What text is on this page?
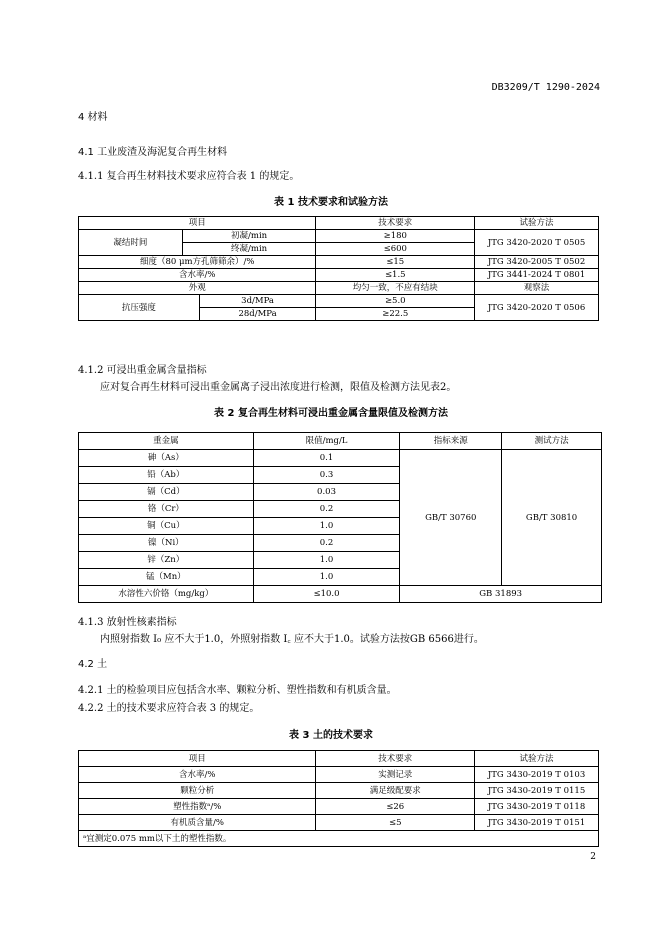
DB3209/T 1290-2024
4 材料
4.1 工业废渣及海泥复合再生材料
4.1.1 复合再生材料技术要求应符合表 1 的规定。
表 1 技术要求和试验方法
项目			技术要求	试验方法
凝结时间	初凝/min		≥180	JTG 3420-2020 T 0505
	终凝/min		≤600	
细度（80 μm方孔筛筛余）/%			≤15	JTG 3420-2005 T 0502
含水率/%			≤1.5	JTG 3441-2024 T 0801
外观			均匀一致，不应有结块	观察法
抗压强度		3d/MPa	≥5.0	JTG 3420-2020 T 0506
		28d/MPa	≥22.5	
4.1.2 可浸出重金属含量指标
应对复合再生材料可浸出重金属离子浸出浓度进行检测，限值及检测方法见表2。
表 2 复合再生材料可浸出重金属含量限值及检测方法
重金属	限值/mg/L	指标来源	测试方法
砷（As）	0.1	GB/T 30760	GB/T 30810
铅（Ab）	0.3		
镉（Cd）	0.03		
铬（Cr）	0.2		
铜（Cu）	1.0		
镍（Ni）	0.2		
锌（Zn）	1.0		
锰（Mn）	1.0		
水溶性六价铬（mg/kg）	≤10.0	GB 31893	
4.1.3 放射性核素指标
内照射指数 I₀ 应不大于1.0，外照射指数 I꜀ 应不大于1.0。试验方法按GB 6566进行。
4.2 土
4.2.1 土的检验项目应包括含水率、颗粒分析、塑性指数和有机质含量。
4.2.2 土的技术要求应符合表 3 的规定。
表 3 土的技术要求
项目	技术要求	试验方法
含水率/%	实测记录	JTG 3430-2019 T 0103
颗粒分析	满足级配要求	JTG 3430-2019 T 0115
塑性指数ᵃ/%	≤26	JTG 3430-2019 T 0118
有机质含量/%	≤5	JTG 3430-2019 T 0151
ᵃ宜测定0.075 mm以下土的塑性指数。		
2
